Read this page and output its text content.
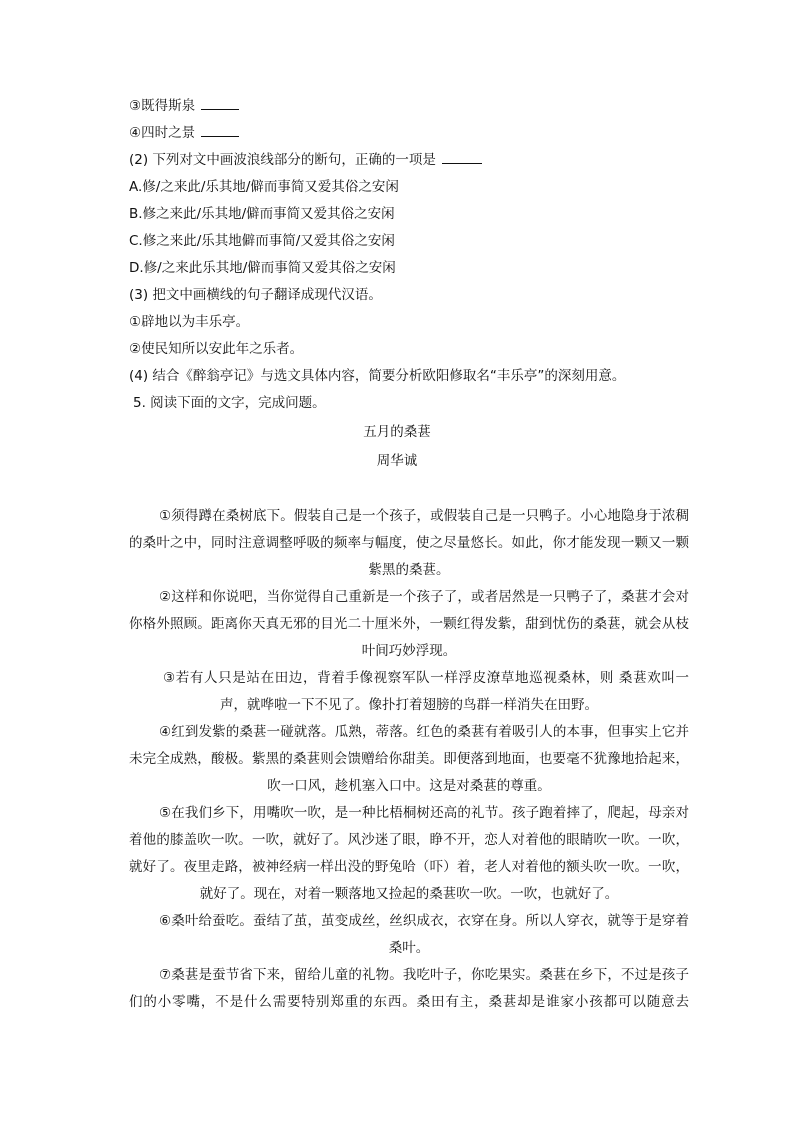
③既得斯泉
④四时之景
(2) 下列对文中画波浪线部分的断句，正确的一项是
A.修/之来此/乐其地/僻而事简又爱其俗之安闲
B.修之来此/乐其地/僻而事简又爱其俗之安闲
C.修之来此/乐其地僻而事简/又爱其俗之安闲
D.修/之来此乐其地/僻而事简又爱其俗之安闲
(3) 把文中画横线的句子翻译成现代汉语。
①辟地以为丰乐亭。
②使民知所以安此年之乐者。
(4) 结合《醉翁亭记》与选文具体内容，简要分析欧阳修取名“丰乐亭”的深刻用意。
5. 阅读下面的文字，完成问题。
五月的桑葚
周华诚

①须得蹲在桑树底下。假装自己是一个孩子，或假装自己是一只鸭子。小心地隐身于浓稠的桑叶之中，同时注意调整呼吸的频率与幅度，使之尽量悠长。如此，你才能发现一颗又一颗紫黑的桑葚。

②这样和你说吧，当你觉得自己重新是一个孩子了，或者居然是一只鸭子了，桑葚才会对你格外照顾。距离你天真无邪的目光二十厘米外，一颗红得发紫，甜到忧伤的桑葚，就会从枝叶间巧妙浮现。

③若有人只是站在田边，背着手像视察军队一样浮皮潦草地巡视桑林，则 桑葚欢叫一声，就哗啦一下不见了。像扑打着翅膀的鸟群一样消失在田野。

④红到发紫的桑葚一碰就落。瓜熟，蒂落。红色的桑葚有着吸引人的本事，但事实上它并未完全成熟，酸极。紫黑的桑葚则会馈赠给你甜美。即便落到地面，也要毫不犹豫地拾起来，吹一口风，趁机塞入口中。这是对桑葚的尊重。

⑤在我们乡下，用嘴吹一吹，是一种比梧桐树还高的礼节。孩子跑着摔了，爬起，母亲对着他的膝盖吹一吹。一吹，就好了。风沙迷了眼，睁不开，恋人对着他的眼睛吹一吹。一吹，就好了。夜里走路，被神经病一样出没的野兔哈（吓）着，老人对着他的额头吹一吹。一吹，就好了。现在，对着一颗落地又捡起的桑葚吹一吹。一吹，也就好了。

⑥桑叶给蚕吃。蚕结了茧，茧变成丝，丝织成衣，衣穿在身。所以人穿衣，就等于是穿着桑叶。

⑦桑葚是蚕节省下来，留给儿童的礼物。我吃叶子，你吃果实。桑葚在乡下，不过是孩子们的小零嘴，不是什么需要特别郑重的东西。桑田有主，桑葚却是谁家小孩都可以随意去
